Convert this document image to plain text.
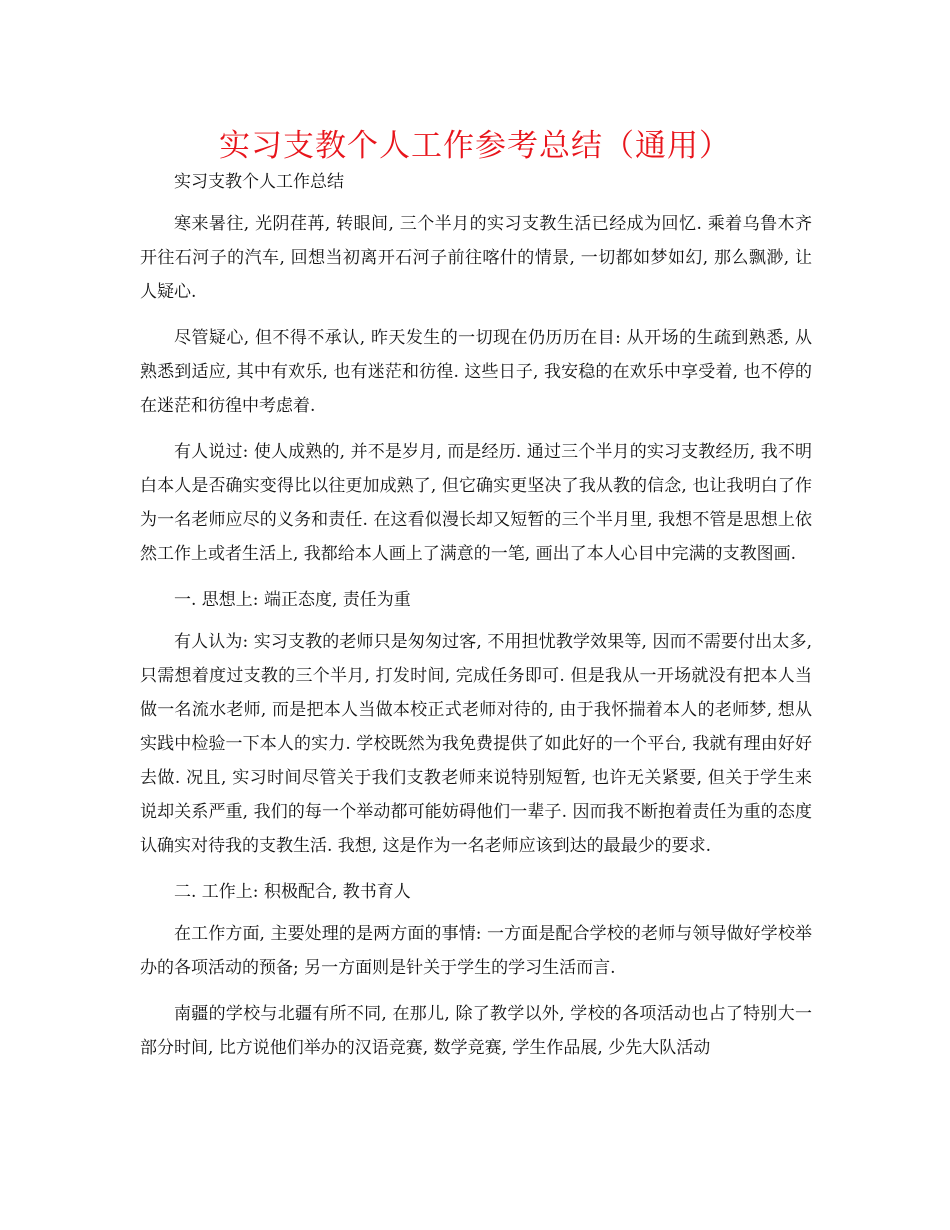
实习支教个人工作参考总结（通用）

实习支教个人工作总结

寒来暑往, 光阴荏苒, 转眼间, 三个半月的实习支教生活已经成为回忆. 乘着乌鲁木齐开往石河子的汽车, 回想当初离开石河子前往喀什的情景, 一切都如梦如幻, 那么飘渺, 让人疑心.

尽管疑心, 但不得不承认, 昨天发生的一切现在仍历历在目: 从开场的生疏到熟悉, 从熟悉到适应, 其中有欢乐, 也有迷茫和彷徨. 这些日子, 我安稳的在欢乐中享受着, 也不停的在迷茫和彷徨中考虑着.

有人说过: 使人成熟的, 并不是岁月, 而是经历. 通过三个半月的实习支教经历, 我不明白本人是否确实变得比以往更加成熟了, 但它确实更坚决了我从教的信念, 也让我明白了作为一名老师应尽的义务和责任. 在这看似漫长却又短暂的三个半月里, 我想不管是思想上依然工作上或者生活上, 我都给本人画上了满意的一笔, 画出了本人心目中完满的支教图画.

一. 思想上: 端正态度, 责任为重

有人认为: 实习支教的老师只是匆匆过客, 不用担忧教学效果等, 因而不需要付出太多, 只需想着度过支教的三个半月, 打发时间, 完成任务即可. 但是我从一开场就没有把本人当做一名流水老师, 而是把本人当做本校正式老师对待的, 由于我怀揣着本人的老师梦, 想从实践中检验一下本人的实力. 学校既然为我免费提供了如此好的一个平台, 我就有理由好好去做. 况且, 实习时间尽管关于我们支教老师来说特别短暂, 也许无关紧要, 但关于学生来说却关系严重, 我们的每一个举动都可能妨碍他们一辈子. 因而我不断抱着责任为重的态度认确实对待我的支教生活. 我想, 这是作为一名老师应该到达的最最少的要求.

二. 工作上: 积极配合, 教书育人

在工作方面, 主要处理的是两方面的事情: 一方面是配合学校的老师与领导做好学校举办的各项活动的预备; 另一方面则是针关于学生的学习生活而言.

南疆的学校与北疆有所不同, 在那儿, 除了教学以外, 学校的各项活动也占了特别大一部分时间, 比方说他们举办的汉语竞赛, 数学竞赛, 学生作品展, 少先大队活动
